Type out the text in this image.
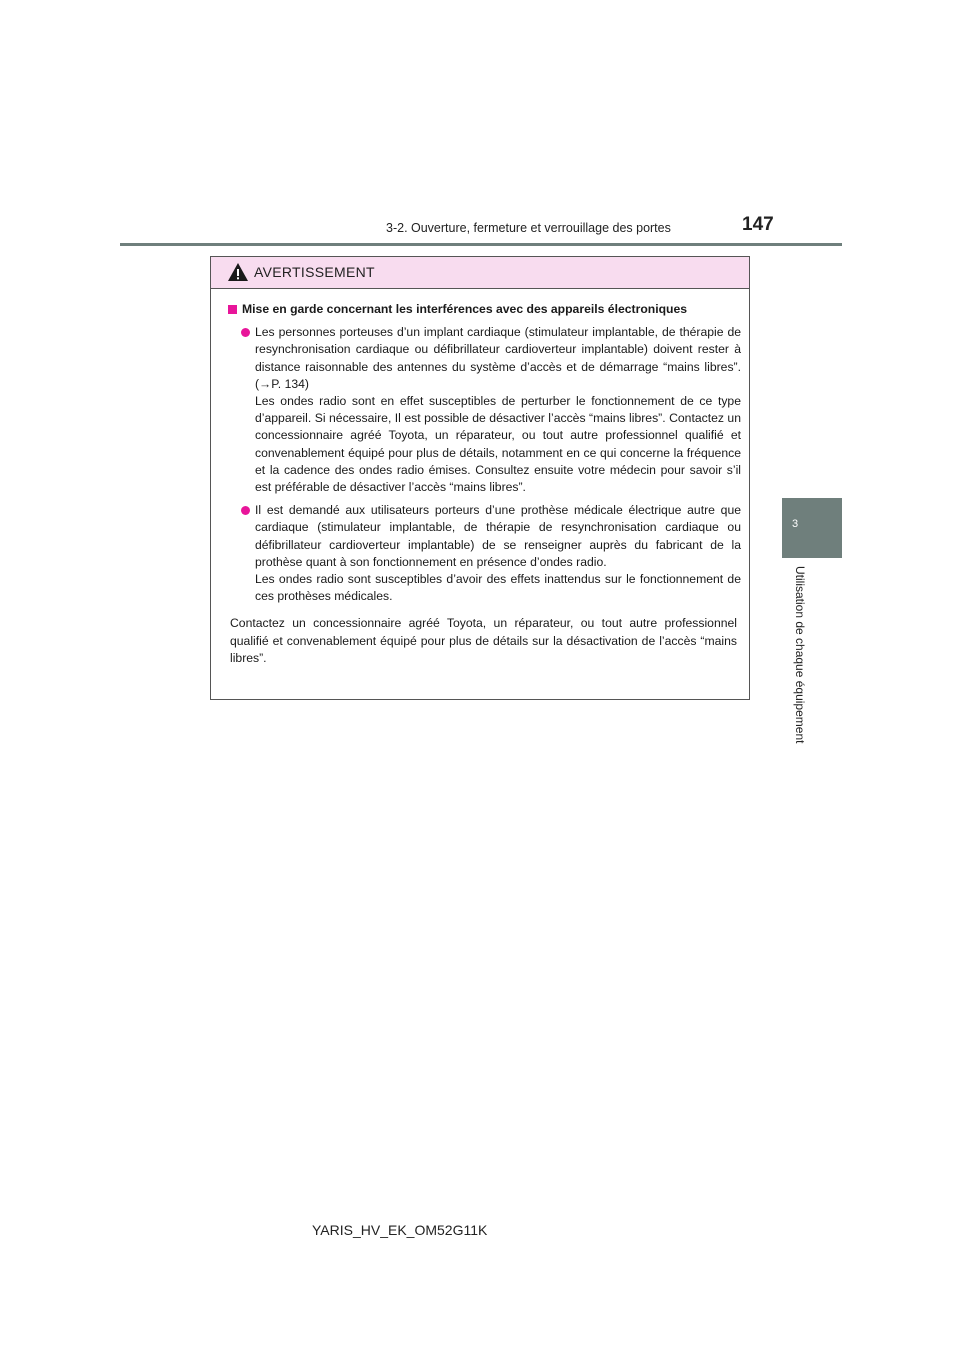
3-2. Ouverture, fermeture et verrouillage des portes	147
3
Utilisation de chaque équipement
AVERTISSEMENT
Mise en garde concernant les interférences avec des appareils électroniques

Les personnes porteuses d’un implant cardiaque (stimulateur implantable, de thérapie de resynchronisation cardiaque ou défibrillateur cardioverteur implantable) doivent rester à distance raisonnable des antennes du système d’accès et de démarrage “mains libres”. (→P. 134)

Les ondes radio sont en effet susceptibles de perturber le fonctionnement de ce type d’appareil. Si nécessaire, Il est possible de désactiver l’accès “mains libres”. Contactez un concessionnaire agréé Toyota, un réparateur, ou tout autre professionnel qualifié et convenablement équipé pour plus de détails, notamment en ce qui concerne la fréquence et la cadence des ondes radio émises. Consultez ensuite votre médecin pour savoir s’il est préférable de désactiver l’accès “mains libres”.

Il est demandé aux utilisateurs porteurs d’une prothèse médicale électrique autre que cardiaque (stimulateur implantable, de thérapie de resynchronisation cardiaque ou défibrillateur cardioverteur implantable) de se renseigner auprès du fabricant de la prothèse quant à son fonctionnement en présence d’ondes radio.

Les ondes radio sont susceptibles d’avoir des effets inattendus sur le fonctionnement de ces prothèses médicales.

Contactez un concessionnaire agréé Toyota, un réparateur, ou tout autre professionnel qualifié et convenablement équipé pour plus de détails sur la désactivation de l’accès “mains libres”.

YARIS_HV_EK_OM52G11K
